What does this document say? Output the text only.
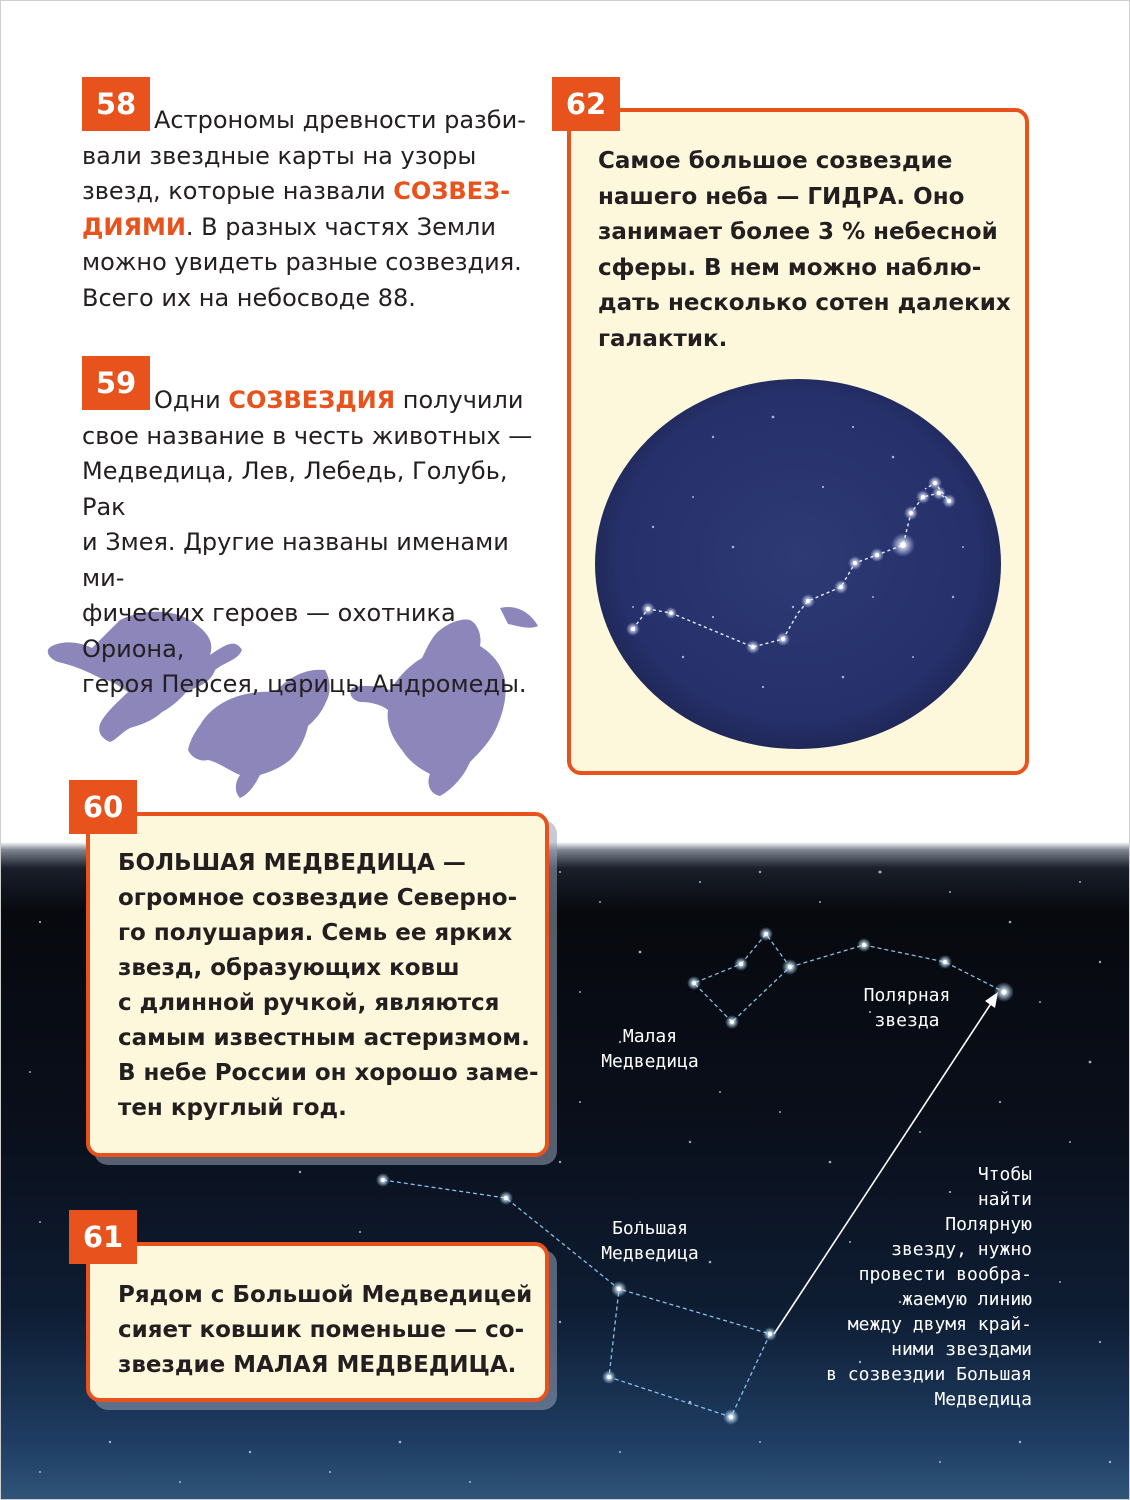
58 Астрономы древности разби-
вали звездные карты на узоры
звезд, которые назвали СОЗВЕЗ-
ДИЯМИ. В разных частях Земли
можно увидеть разные созвездия.
Всего их на небосводе 88.

59 Одни СОЗВЕЗДИЯ получили
свое название в честь животных —
Медведица, Лев, Лебедь, Голубь, Рак
и Змея. Другие названы именами ми-
фических героев — охотника Ориона,
героя Персея, царицы Андромеды.

62

Самое большое созвездие
нашего неба — ГИДРА. Оно
занимает более 3 % небесной
сферы. В нем можно наблю-
дать несколько сотен далеких
галактик.

60

БОЛЬШАЯ МЕДВЕДИЦА —
огромное созвездие Северно-
го полушария. Семь ее ярких
звезд, образующих ковш
с длинной ручкой, являются
самым известным астеризмом.
В небе России он хорошо заме-
тен круглый год.

61

Рядом с Большой Медведицей
сияет ковшик поменьше — со-
звездие МАЛАЯ МЕДВЕДИЦА.

Малая
Медведица
Полярная
звезда
Большая
Медведица
Чтобы
найти
Полярную
звезду, нужно
провести вообра-
жаемую линию
между двумя край-
ними звездами
в созвездии Большая
Медведица
